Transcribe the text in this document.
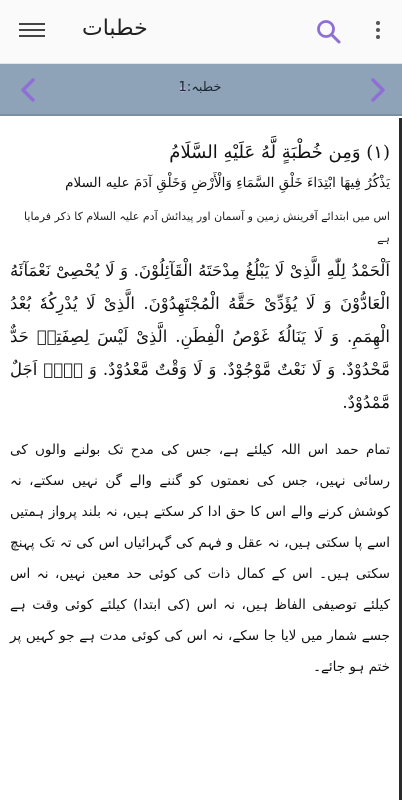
خطبات
خطبہ:1
(١) وَمِن خُطْبَةٍ لَّهُ عَلَيْهِ السَّلَامُ
يَذْكُرُ فِيهَا ابْتِدَاءَ خَلْقِ السَّمَاءِ وَالْأَرْضِ وَخَلْقِ آدَمَ عليه السلام
اس میں ابتدائے آفرینش زمین و آسمان اور پیدائش آدم علیہ السلام کا ذکر فرمایا ہے
اَلْحَمْدُ لِلّٰهِ الَّذِیْ لَا یَبْلُغُ مِدْحَتَهُ الْقَآئِلُوْنَ. وَ لَا یُحْصِیْ نَعْمَآئَهُ الْعَادُّوْنَ وَ لَا یُؤَدِّیْ حَقَّهُ الْمُجْتَهِدُوْنَ. الَّذِیْ لَا یُدْرِكُهٗ بُعْدُ الْهِمَمِ. وَ لَا یَنَالُهٗ غَوْصُ الْفِطَنِ. الَّذِیْ لَیْسَ لِصِفَتِهٖ حَدٌّ مَّحْدُوْدٌ. وَ لَا نَعْتٌ مَّوْجُوْدٌ. وَ لَا وَقْتٌ مَّعْدُوْدٌ. وَ لَاۤ اَجَلٌ مَّمْدُوْدٌ.
تمام حمد اس اللہ کیلئے ہے، جس کی مدح تک بولنے والوں کی رسائی نہیں، جس کی نعمتوں کو گننے والے گن نہیں سکتے، نہ کوشش کرنے والے اس کا حق ادا کر سکتے ہیں، نہ بلند پرواز ہمتیں اسے پا سکتی ہیں، نہ عقل و فہم کی گہرائیاں اس کی تہ تک پہنچ سکتی ہیں۔ اس کے کمال ذات کی کوئی حد معین نہیں، نہ اس کیلئے توصیفی الفاظ ہیں، نہ اس (کی ابتدا) کیلئے کوئی وقت ہے جسے شمار میں لایا جا سکے، نہ اس کی کوئی مدت ہے جو کہیں پر ختم ہو جائے۔
